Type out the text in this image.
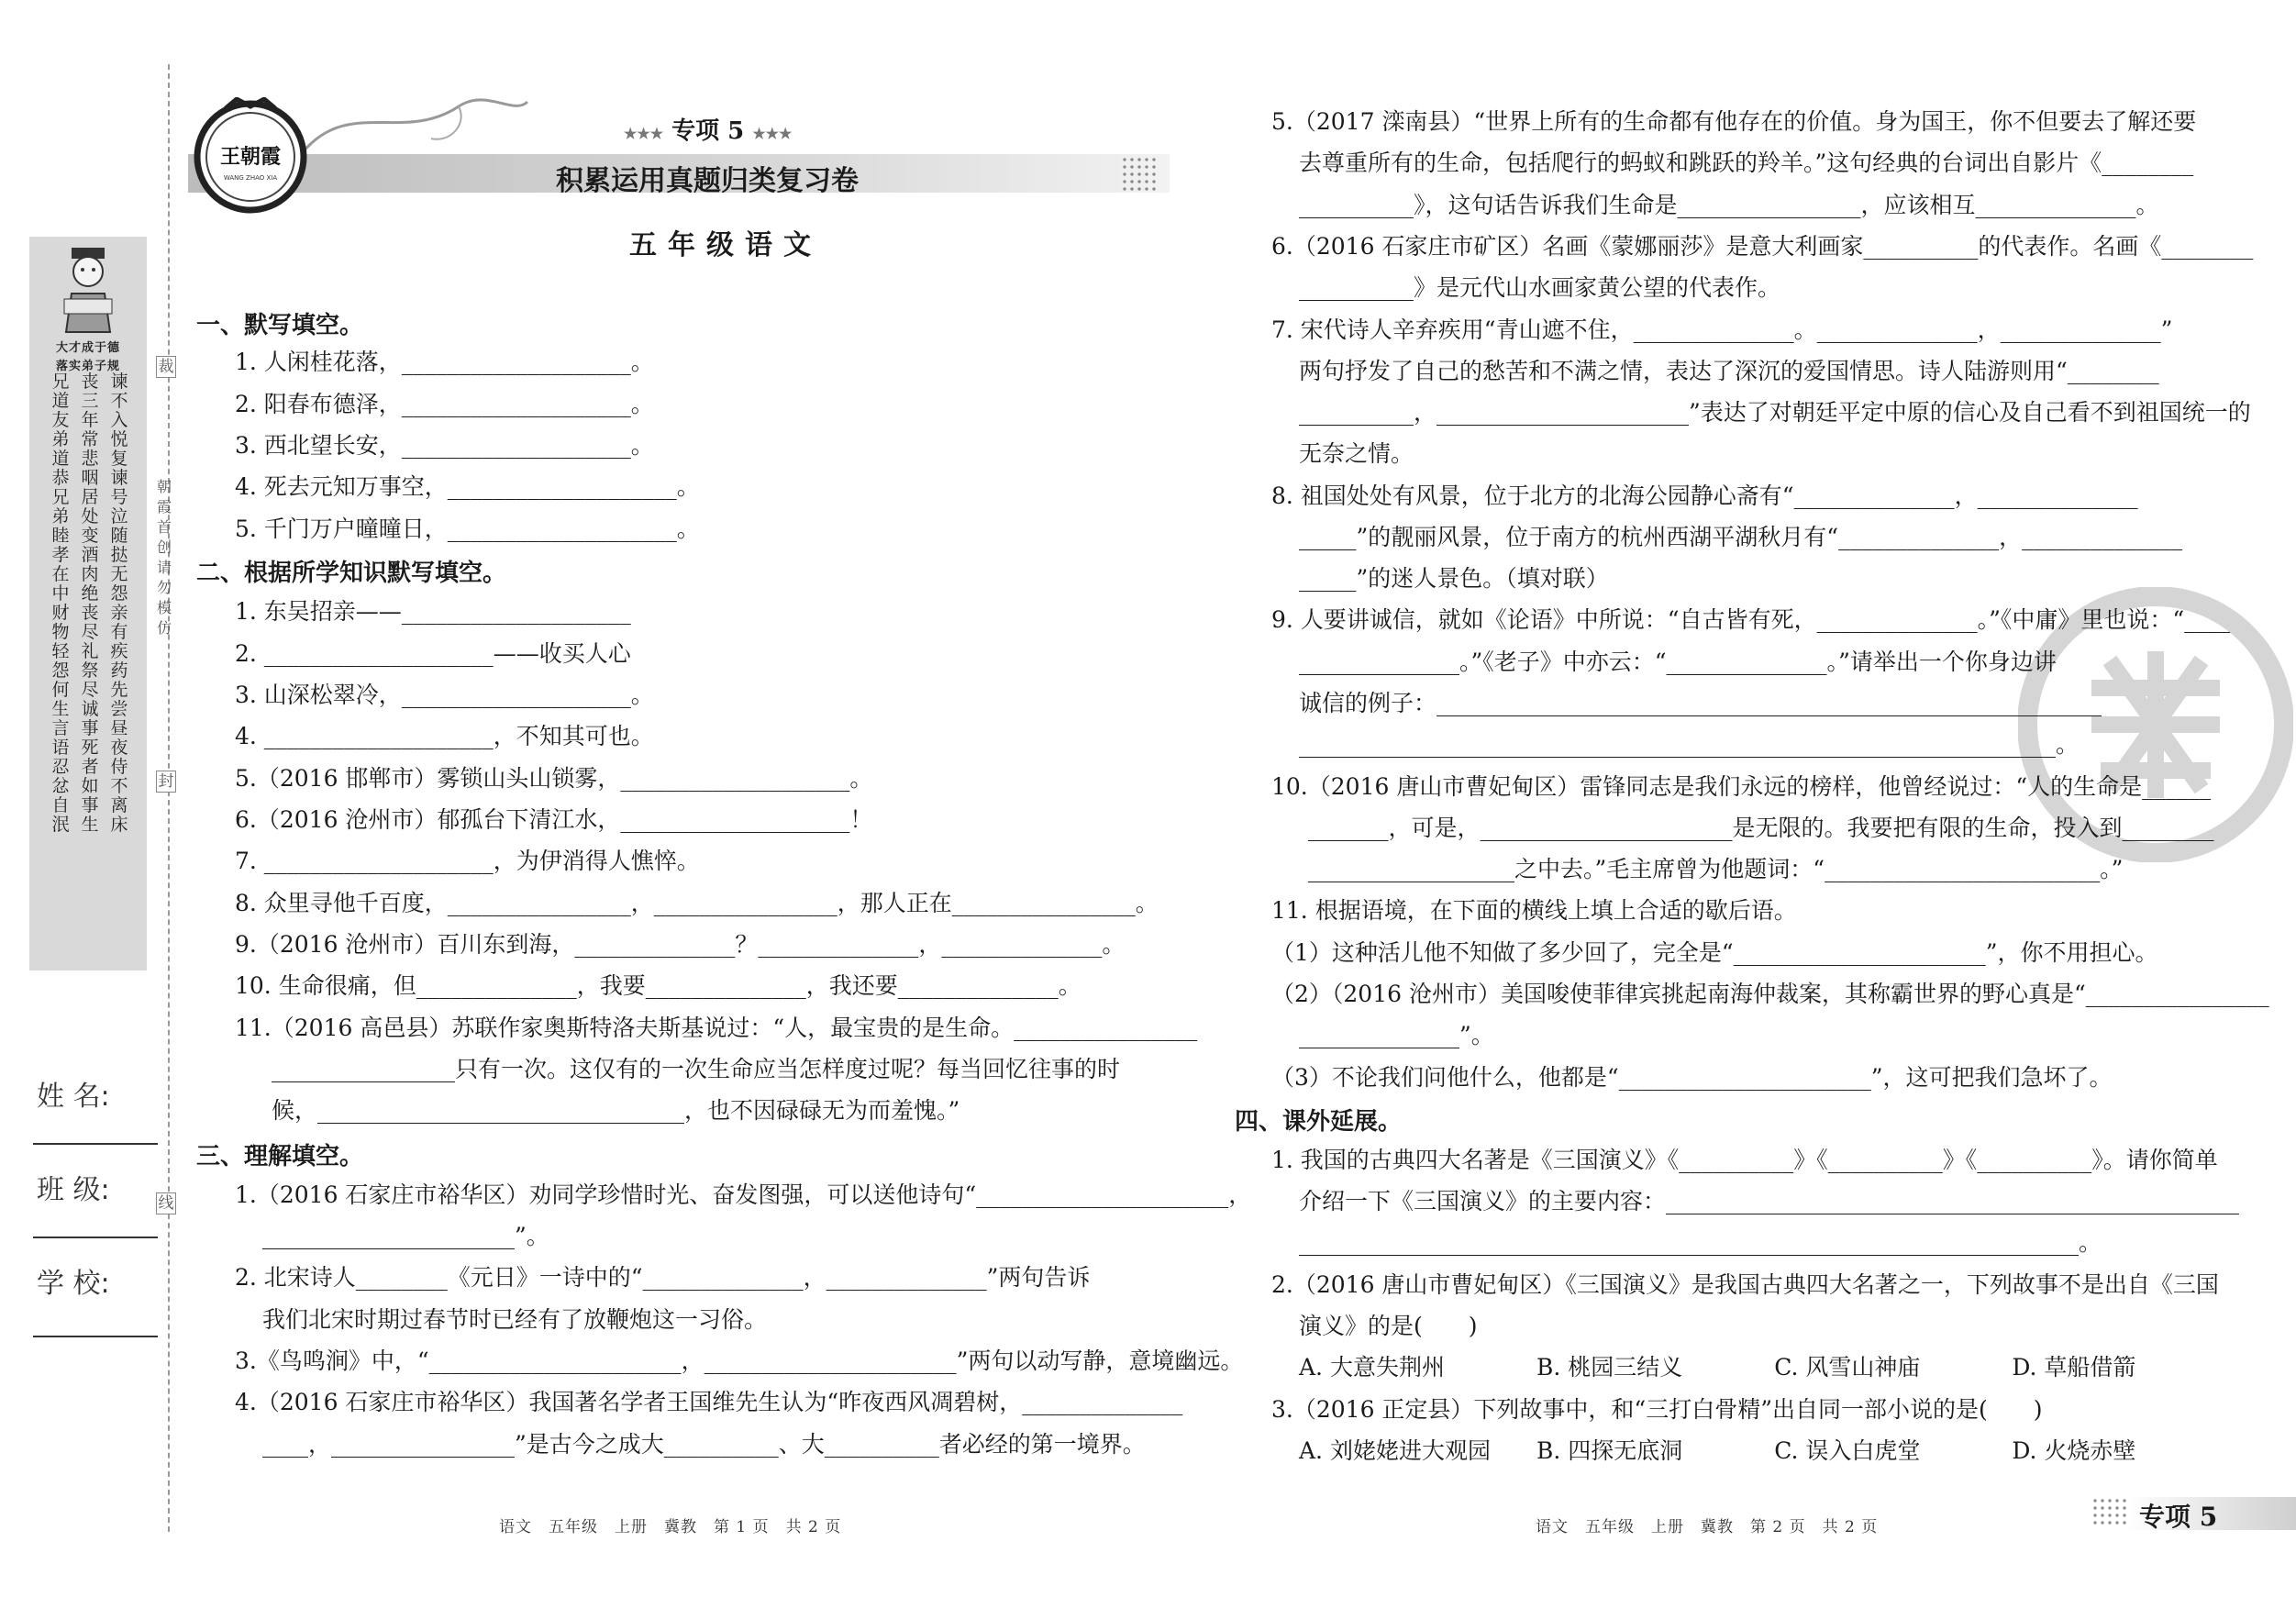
大才成于德
落实弟子规
兄道友弟道恭兄弟睦孝在中财物轻怨何生言语忍忿自泯
丧三年常悲咽居处变酒肉绝丧尽礼祭尽诚事死者如事生
谏不入悦复谏号泣随挞无怨亲有疾药先尝昼夜侍不离床
裁
封
线
朝霞首创 请勿模仿
姓 名:
班 级:
学 校:
王朝霞
WANG ZHAO XIA
★★★ 专项 5 ★★★
积累运用真题归类复习卷
五年级语文
一、默写填空。
1. 人闲桂花落，____________________。
2. 阳春布德泽，____________________。
3. 西北望长安，____________________。
4. 死去元知万事空，____________________。
5. 千门万户曈曈日，____________________。
二、根据所学知识默写填空。
1. 东吴招亲——____________________
2. ____________________——收买人心
3. 山深松翠冷，____________________。
4. ____________________，不知其可也。
5.（2016 邯郸市）雾锁山头山锁雾，____________________。
6.（2016 沧州市）郁孤台下清江水，____________________！
7. ____________________，为伊消得人憔悴。
8. 众里寻他千百度，________________，________________，那人正在________________。
9.（2016 沧州市）百川东到海，______________？______________，______________。
10. 生命很痛，但______________，我要______________，我还要______________。
11.（2016 高邑县）苏联作家奥斯特洛夫斯基说过：“人，最宝贵的是生命。________________
________________只有一次。这仅有的一次生命应当怎样度过呢？每当回忆往事的时
候，________________________________，也不因碌碌无为而羞愧。”
三、理解填空。
1.（2016 石家庄市裕华区）劝同学珍惜时光、奋发图强，可以送他诗句“______________________，
______________________”。
2. 北宋诗人________《元日》一诗中的“______________，______________”两句告诉
我们北宋时期过春节时已经有了放鞭炮这一习俗。
3.《鸟鸣涧》中，“______________________，______________________”两句以动写静，意境幽远。
4.（2016 石家庄市裕华区）我国著名学者王国维先生认为“昨夜西风凋碧树，______________
____，________________”是古今之成大__________、大__________者必经的第一境界。
语文　五年级　上册　冀教　第 1 页　共 2 页
5.（2017 滦南县）“世界上所有的生命都有他存在的价值。身为国王，你不但要去了解还要
去尊重所有的生命，包括爬行的蚂蚁和跳跃的羚羊。”这句经典的台词出自影片《________
__________》，这句话告诉我们生命是________________，应该相互______________。
6.（2016 石家庄市矿区）名画《蒙娜丽莎》是意大利画家__________的代表作。名画《________
__________》是元代山水画家黄公望的代表作。
7. 宋代诗人辛弃疾用“青山遮不住，______________。______________，______________”
两句抒发了自己的愁苦和不满之情，表达了深沉的爱国情思。诗人陆游则用“________
__________，______________________”表达了对朝廷平定中原的信心及自己看不到祖国统一的
无奈之情。
8. 祖国处处有风景，位于北方的北海公园静心斋有“______________，______________
_____”的靓丽风景，位于南方的杭州西湖平湖秋月有“______________，______________
_____”的迷人景色。（填对联）
9. 人要讲诚信，就如《论语》中所说：“自古皆有死，______________。”《中庸》里也说：“____
______________。”《老子》中亦云：“______________。”请举出一个你身边讲
诚信的例子：__________________________________________________________
__________________________________________________________________。
10.（2016 唐山市曹妃甸区）雷锋同志是我们永远的榜样，他曾经说过：“人的生命是______
_______，可是，______________________是无限的。我要把有限的生命，投入到________
__________________之中去。”毛主席曾为他题词：“________________________。”
11. 根据语境，在下面的横线上填上合适的歇后语。
（1）这种活儿他不知做了多少回了，完全是“______________________”，你不用担心。
（2）（2016 沧州市）美国唆使菲律宾挑起南海仲裁案，其称霸世界的野心真是“________________
______________”。
（3）不论我们问他什么，他都是“______________________”，这可把我们急坏了。
四、课外延展。
1. 我国的古典四大名著是《三国演义》《__________》《__________》《__________》。请你简单
介绍一下《三国演义》的主要内容：__________________________________________________
____________________________________________________________________。
2.（2016 唐山市曹妃甸区）《三国演义》是我国古典四大名著之一，下列故事不是出自《三国
演义》的是(　　)
A. 大意失荆州　　　　B. 桃园三结义　　　　C. 风雪山神庙　　　　D. 草船借箭
3.（2016 正定县）下列故事中，和“三打白骨精”出自同一部小说的是(　　)
A. 刘姥姥进大观园　　B. 四探无底洞　　　　C. 误入白虎堂　　　　D. 火烧赤壁
语文　五年级　上册　冀教　第 2 页　共 2 页	专项 5
